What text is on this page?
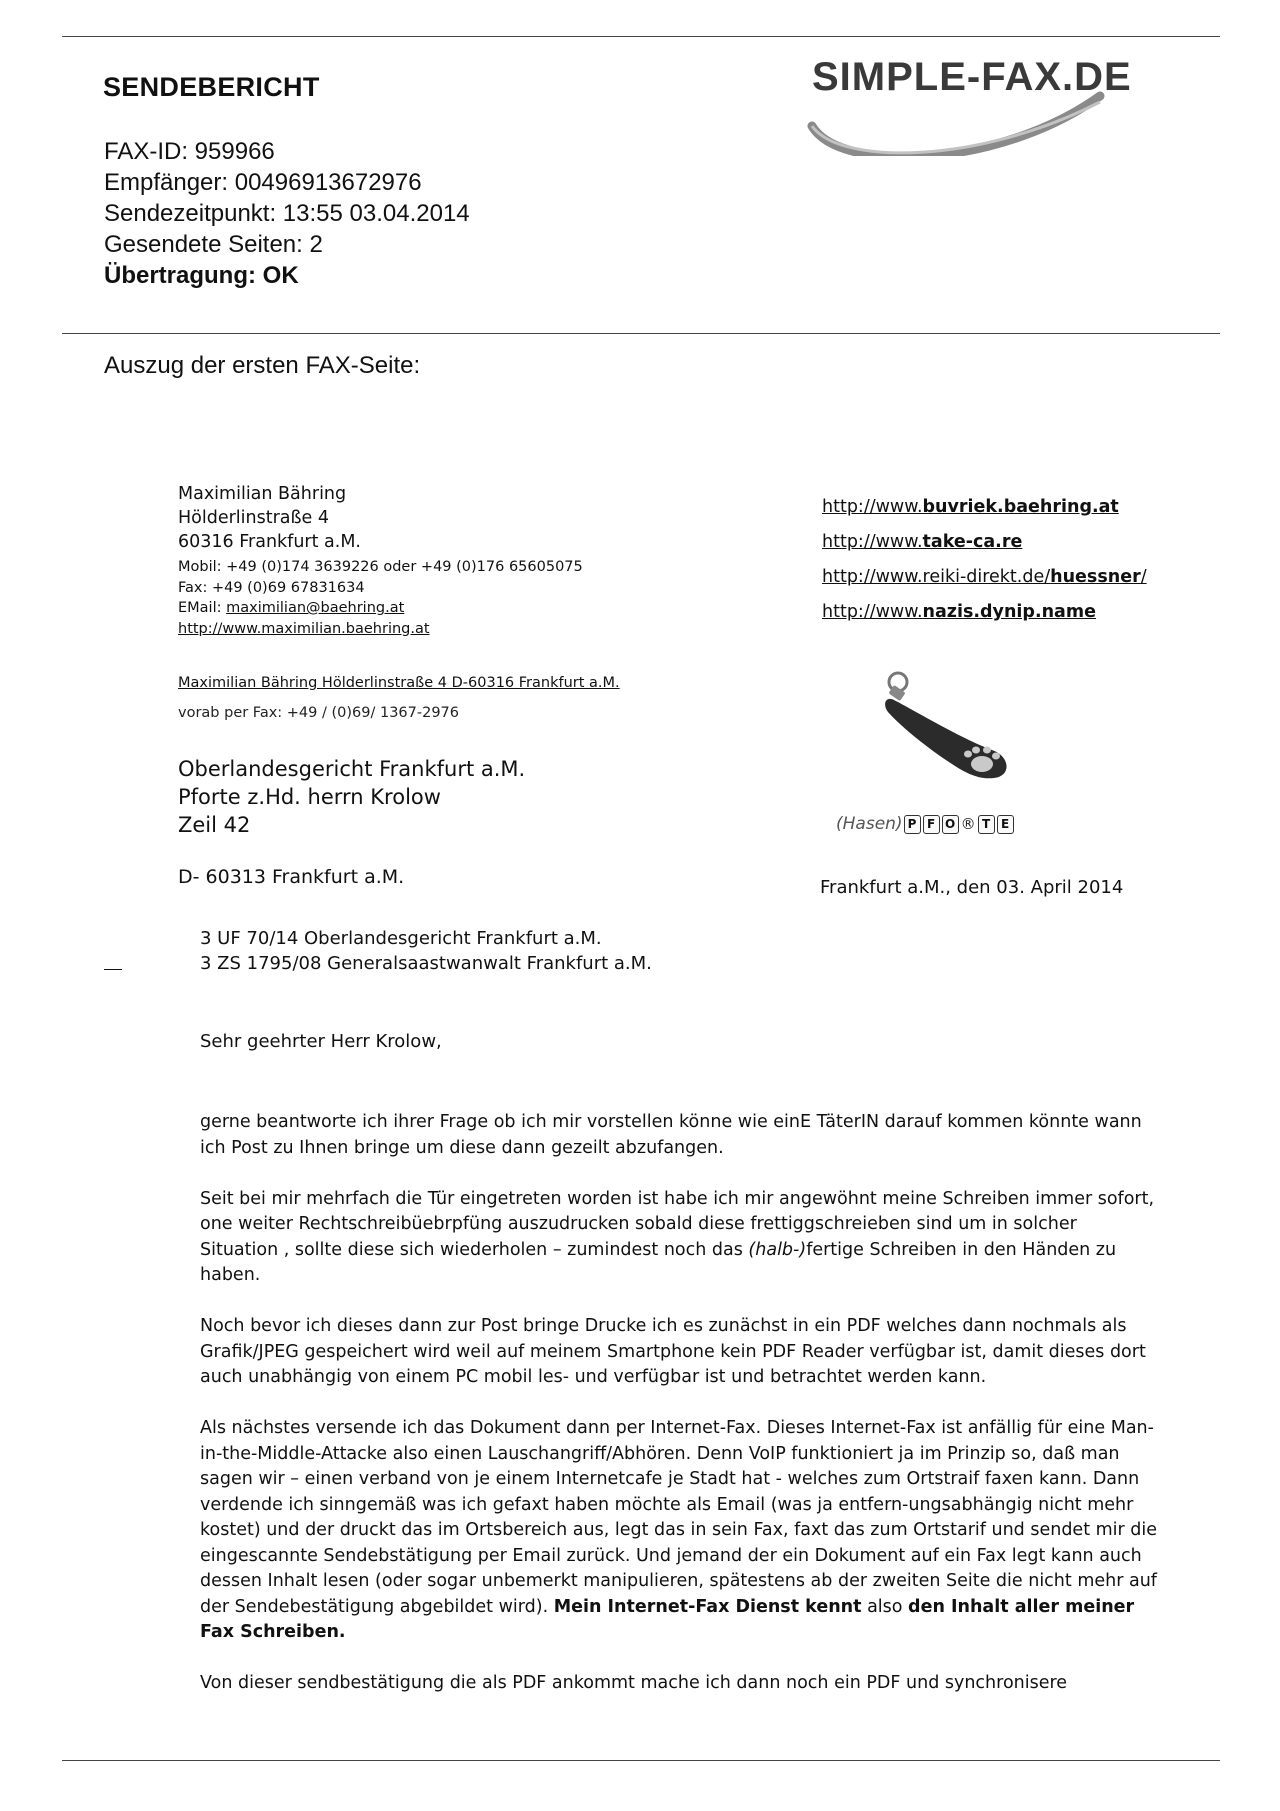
SENDEBERICHT	SIMPLE-FAX.DE
FAX-ID: 959966
Empfänger: 00496913672976
Sendezeitpunkt: 13:55 03.04.2014
Gesendete Seiten: 2
Übertragung: OK
Auszug der ersten FAX-Seite:
Maximilian Bähring
Hölderlinstraße 4
60316 Frankfurt a.M.
Mobil: +49 (0)174 3639226 oder +49 (0)176 65605075
Fax: +49 (0)69 67831634
EMail: maximilian@baehring.at
http://www.maximilian.baehring.at
http://www.buvriek.baehring.at
http://www.take-ca.re
http://www.reiki-direkt.de/huessner/
http://www.nazis.dynip.name
Maximilian Bähring Hölderlinstraße 4 D-60316 Frankfurt a.M.
vorab per Fax: +49 / (0)69/ 1367-2976
Oberlandesgericht Frankfurt a.M.
Pforte z.Hd. herrn Krolow
Zeil 42
D- 60313 Frankfurt a.M.
(Hasen) P F O ® T E
Frankfurt a.M., den 03. April 2014
3 UF 70/14 Oberlandesgericht Frankfurt a.M.
3 ZS 1795/08 Generalsaastwanwalt Frankfurt a.M.
Sehr geehrter Herr Krolow,

gerne beantworte ich ihrer Frage ob ich mir vorstellen könne wie einE TäterIN darauf kommen könnte wann ich Post zu Ihnen bringe um diese dann gezeilt abzufangen.

Seit bei mir mehrfach die Tür eingetreten worden ist habe ich mir angewöhnt meine Schreiben immer sofort, one weiter Rechtschreibüebrpfüng auszudrucken sobald diese frettiggschreieben sind um in solcher Situation , sollte diese sich wiederholen – zumindest noch das (halb-)fertige Schreiben in den Händen zu haben.

Noch bevor ich dieses dann zur Post bringe Drucke ich es zunächst in ein PDF welches dann nochmals als Grafik/JPEG gespeichert wird weil auf meinem Smartphone kein PDF Reader verfügbar ist, damit dieses dort auch unabhängig von einem PC mobil les- und verfügbar ist und betrachtet werden kann.

Als nächstes versende ich das Dokument dann per Internet-Fax. Dieses Internet-Fax ist anfällig für eine Man-in-the-Middle-Attacke also einen Lauschangriff/Abhören. Denn VoIP funktioniert ja im Prinzip so, daß man sagen wir – einen verband von je einem Internetcafe je Stadt hat - welches zum Ortstraif faxen kann. Dann verdende ich sinngemäß was ich gefaxt haben möchte als Email (was ja entfern-ungsabhängig nicht mehr kostet) und der druckt das im Ortsbereich aus, legt das in sein Fax, faxt das zum Ortstarif und sendet mir die eingescannte Sendebstätigung per Email zurück. Und jemand der ein Dokument auf ein Fax legt kann auch dessen Inhalt lesen (oder sogar unbemerkt manipulieren, spätestens ab der zweiten Seite die nicht mehr auf der Sendebestätigung abgebildet wird). Mein Internet-Fax Dienst kennt also den Inhalt aller meiner Fax Schreiben.

Von dieser sendbestätigung die als PDF ankommt mache ich dann noch ein PDF und synchronisere
